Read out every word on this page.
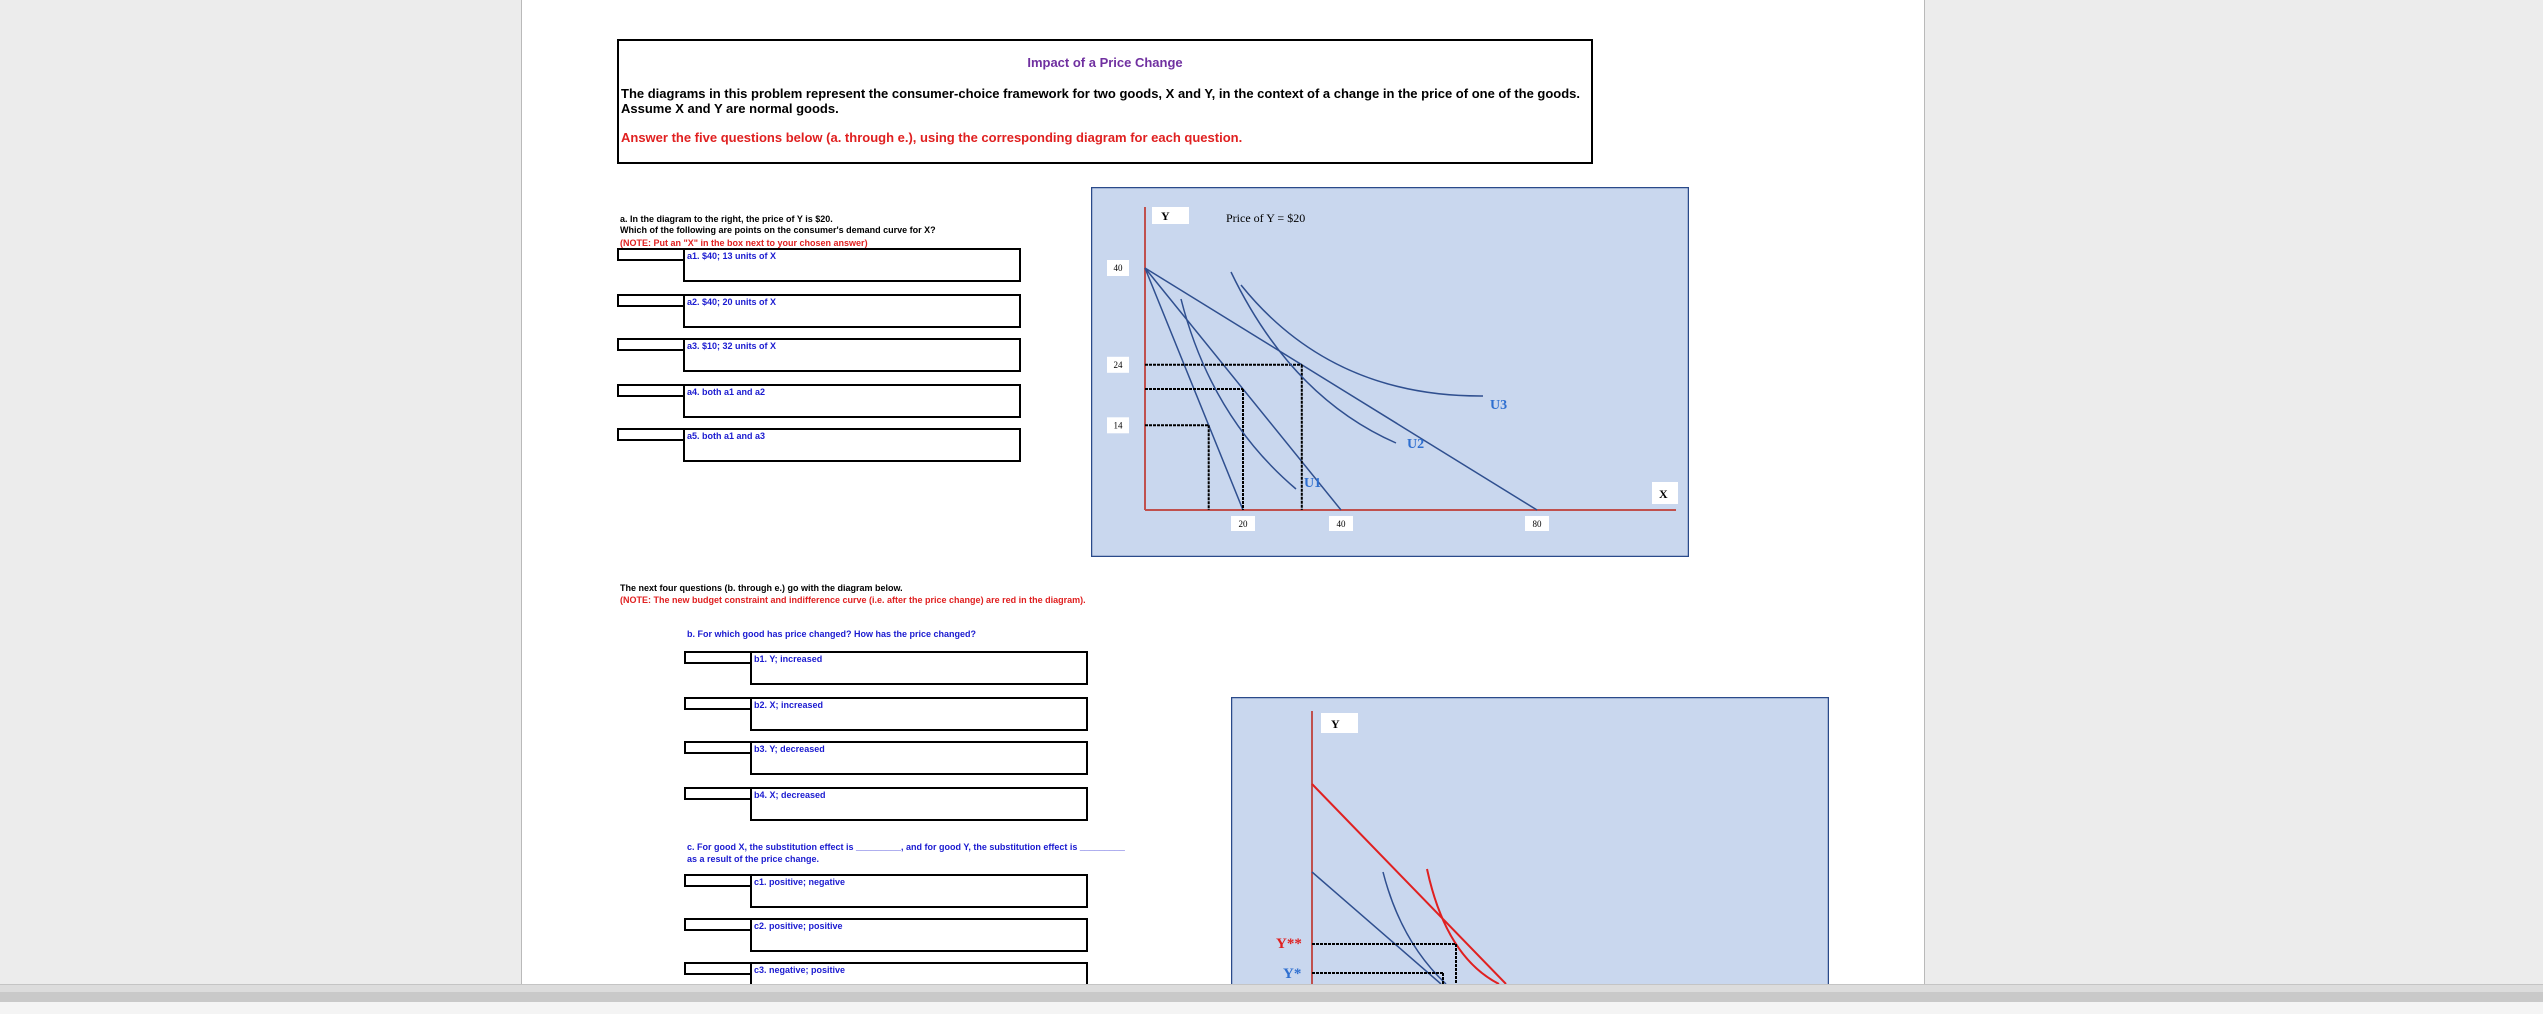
Impact of a Price Change
The diagrams in this problem represent the consumer-choice framework for two goods, X and Y, in the context of a change in the price of one of the goods. Assume X and Y are normal goods.
Answer the five questions below (a. through e.), using the corresponding diagram for each question.
a. In the diagram to the right, the price of Y is $20.
Which of the following are points on the consumer's demand curve for X?
(NOTE: Put an "X" in the box next to your chosen answer)
a1. $40; 13 units of X
a2. $40; 20 units of X
a3. $10; 32 units of X
a4. both a1 and a2
a5. both a1 and a3
Y
X
Price of Y = $20
14
24
40
20	40	80
U1
U2
U3
The next four questions (b. through e.) go with the diagram below.
(NOTE: The new budget constraint and indifference curve (i.e. after the price change) are red in the diagram).
b. For which good has price changed? How has the price changed?
b1. Y; increased
b2. X; increased
b3. Y; decreased
b4. X; decreased
c. For good X, the substitution effect is _________, and for good Y, the substitution effect is _________
as a result of the price change.
c1. positive; negative
c2. positive; positive
c3. negative; positive
Y
Y**
Y*
